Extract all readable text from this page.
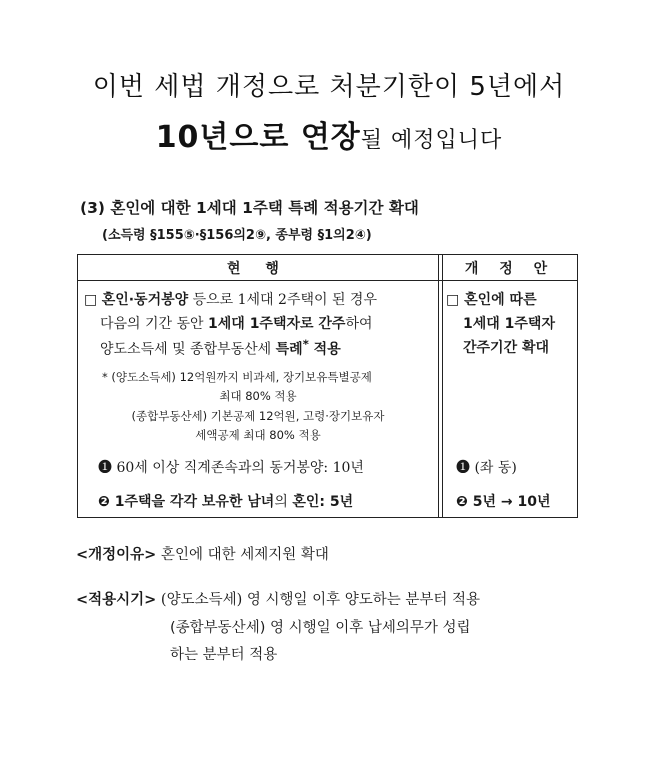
이번 세법 개정으로 처분기한이 5년에서
10년으로 연장될 예정입니다
(3) 혼인에 대한 1세대 1주택 특례 적용기간 확대
(소득령 §155⑤·§156의2⑨, 종부령 §1의2④)
현 행	개 정 안
□ 혼인·동거봉양 등으로 1세대 2주택이 된 경우
다음의 기간 동안 1세대 1주택자로 간주하여
양도소득세 및 종합부동산세 특례* 적용
* (양도소득세) 12억원까지 비과세, 장기보유특별공제
최대 80% 적용
(종합부동산세) 기본공제 12억원, 고령·장기보유자
세액공제 최대 80% 적용
❶ 60세 이상 직계존속과의 동거봉양: 10년
❷ 1주택을 각각 보유한 남녀의 혼인: 5년
□ 혼인에 따른
1세대 1주택자
간주기간 확대
❶ (좌 동)
❷ 5년 → 10년
<개정이유> 혼인에 대한 세제지원 확대
<적용시기> (양도소득세) 영 시행일 이후 양도하는 분부터 적용
(종합부동산세) 영 시행일 이후 납세의무가 성립
하는 분부터 적용
